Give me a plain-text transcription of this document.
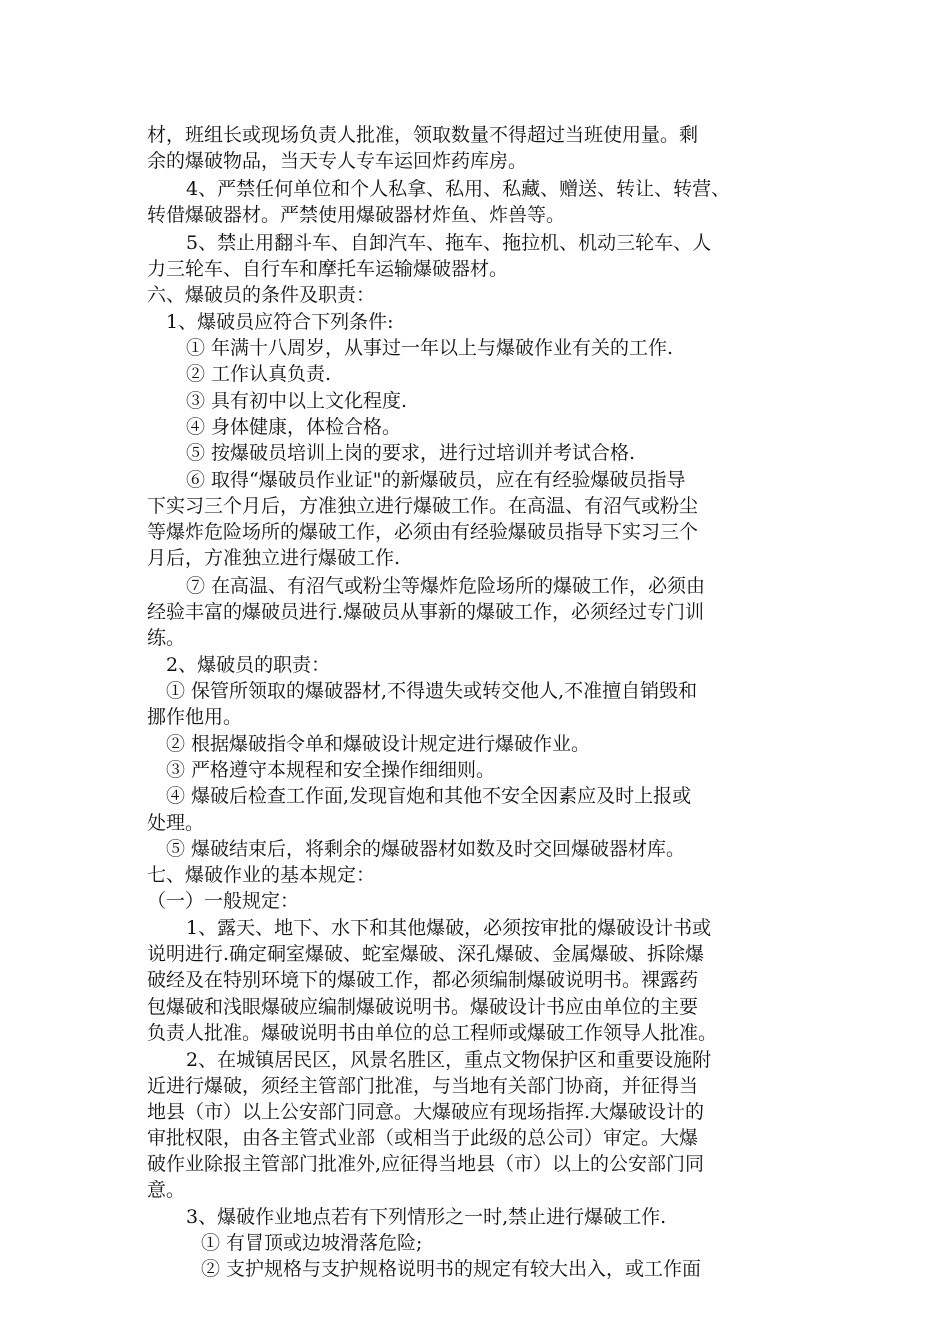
材，班组长或现场负责人批准，领取数量不得超过当班使用量。剩
余的爆破物品，当天专人专车运回炸药库房。
4、严禁任何单位和个人私拿、私用、私藏、赠送、转让、转营、
转借爆破器材。严禁使用爆破器材炸鱼、炸兽等。
5、禁止用翻斗车、自卸汽车、拖车、拖拉机、机动三轮车、人
力三轮车、自行车和摩托车运输爆破器材。
六、爆破员的条件及职责：
1、爆破员应符合下列条件:
① 年满十八周岁，从事过一年以上与爆破作业有关的工作.
② 工作认真负责.
③ 具有初中以上文化程度.
④ 身体健康，体检合格。
⑤ 按爆破员培训上岗的要求，进行过培训并考试合格.
⑥ 取得“爆破员作业证"的新爆破员，应在有经验爆破员指导
下实习三个月后，方准独立进行爆破工作。在高温、有沼气或粉尘
等爆炸危险场所的爆破工作，必须由有经验爆破员指导下实习三个
月后，方准独立进行爆破工作.
⑦ 在高温、有沼气或粉尘等爆炸危险场所的爆破工作，必须由
经验丰富的爆破员进行.爆破员从事新的爆破工作，必须经过专门训
练。
2、爆破员的职责：
① 保管所领取的爆破器材,不得遗失或转交他人,不准擅自销毁和
挪作他用。
② 根据爆破指令单和爆破设计规定进行爆破作业。
③ 严格遵守本规程和安全操作细细则。
④ 爆破后检查工作面,发现盲炮和其他不安全因素应及时上报或
处理。
⑤ 爆破结束后，将剩余的爆破器材如数及时交回爆破器材库。
七、爆破作业的基本规定：
（一）一般规定：
1、露天、地下、水下和其他爆破，必须按审批的爆破设计书或
说明进行.确定硐室爆破、蛇室爆破、深孔爆破、金属爆破、拆除爆
破经及在特别环境下的爆破工作，都必须编制爆破说明书。裸露药
包爆破和浅眼爆破应编制爆破说明书。爆破设计书应由单位的主要
负责人批准。爆破说明书由单位的总工程师或爆破工作领导人批准。
2、在城镇居民区，风景名胜区，重点文物保护区和重要设施附
近进行爆破，须经主管部门批准，与当地有关部门协商，并征得当
地县（市）以上公安部门同意。大爆破应有现场指挥.大爆破设计的
审批权限，由各主管式业部（或相当于此级的总公司）审定。大爆
破作业除报主管部门批准外,应征得当地县（市）以上的公安部门同
意。
3、爆破作业地点若有下列情形之一时,禁止进行爆破工作.
① 有冒顶或边坡滑落危险;
② 支护规格与支护规格说明书的规定有较大出入，或工作面
